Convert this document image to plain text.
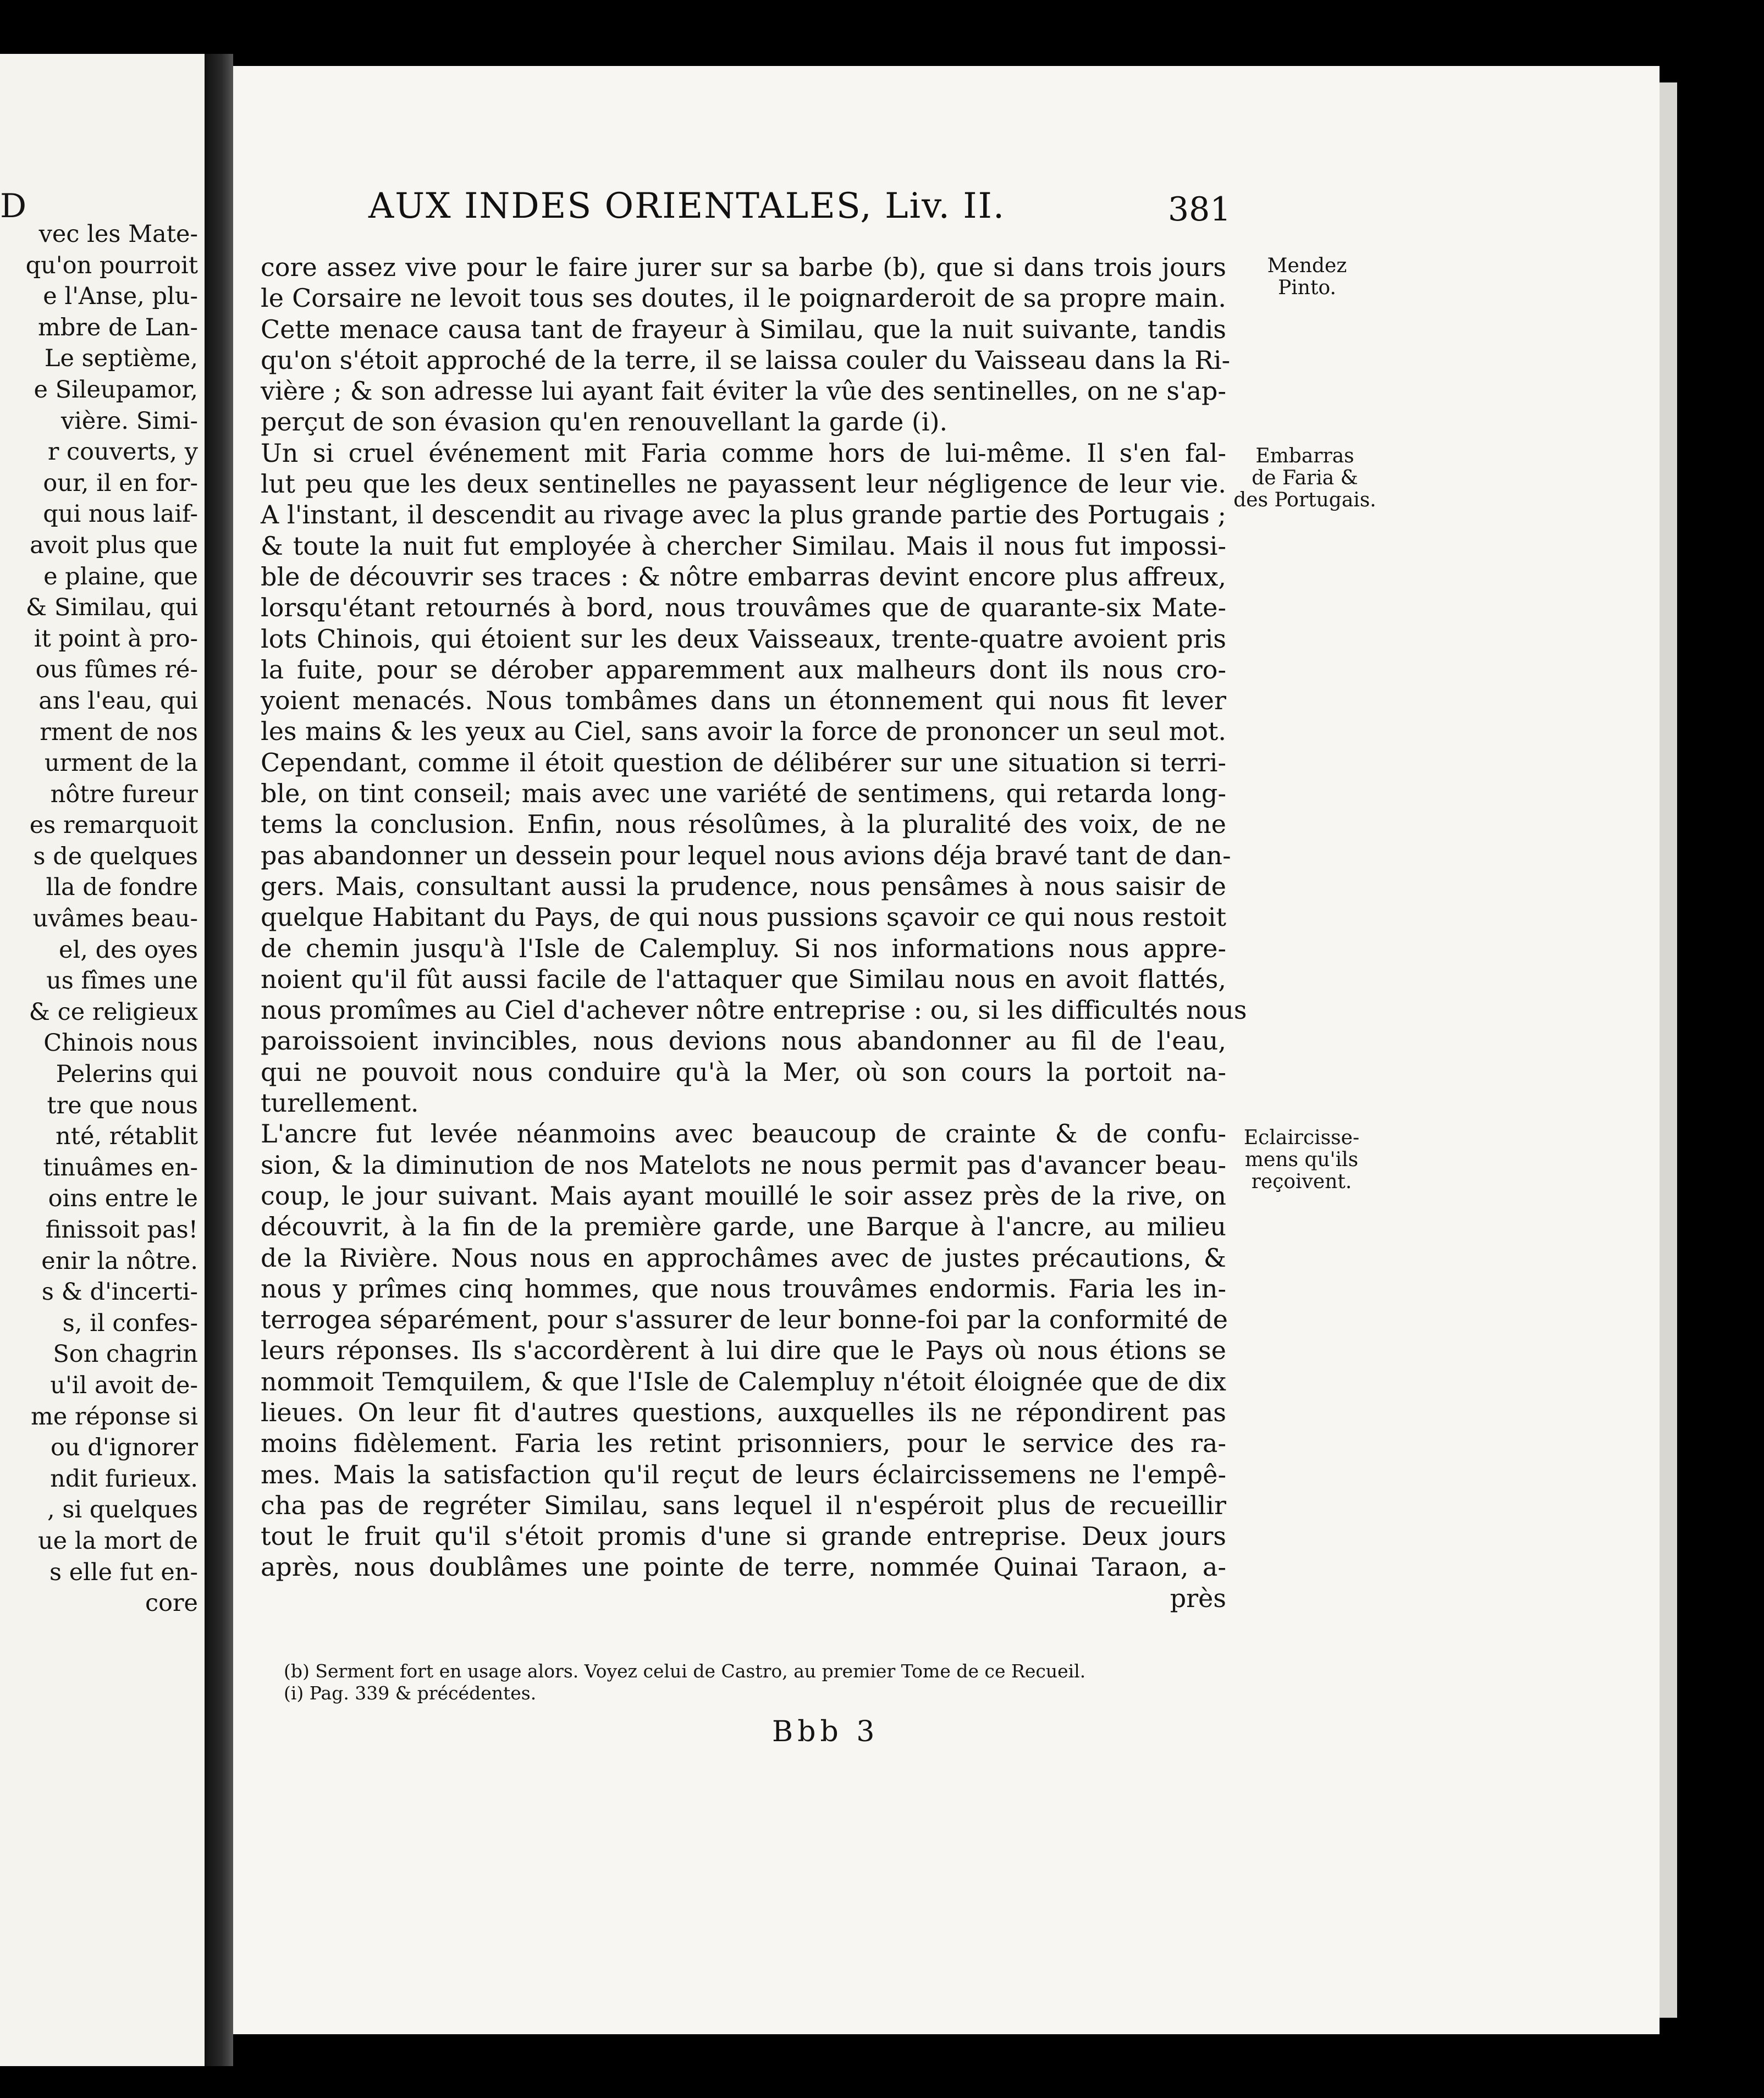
D
vec les Mate-
qu'on pourroit
e l'Anse, plu-
mbre de Lan-
Le septième,
e Sileupamor,
vière. Simi-
r couverts, y
our, il en for-
qui nous laif-
avoit plus que
e plaine, que
& Similau, qui
it point à pro-
ous fûmes ré-
ans l'eau, qui
rment de nos
urment de la
nôtre fureur
es remarquoit
s de quelques
lla de fondre
uvâmes beau-
el, des oyes
us fîmes une
& ce religieux
Chinois nous
Pelerins qui
tre que nous
nté, rétablit
tinuâmes en-
oins entre le
finissoit pas!
enir la nôtre.
s & d'incerti-
s, il confes-
Son chagrin
u'il avoit de-
me réponse si
ou d'ignorer
ndit furieux.
, si quelques
ue la mort de
s elle fut en-
core
AUX INDES ORIENTALES, Liv. II.	381
core assez vive pour le faire jurer sur sa barbe (b), que si dans trois jours
le Corsaire ne levoit tous ses doutes, il le poignarderoit de sa propre main.
Cette menace causa tant de frayeur à Similau, que la nuit suivante, tandis
qu'on s'étoit approché de la terre, il se laissa couler du Vaisseau dans la Ri-
vière ; & son adresse lui ayant fait éviter la vûe des sentinelles, on ne s'ap-
perçut de son évasion qu'en renouvellant la garde (i).
Un si cruel événement mit Faria comme hors de lui-même. Il s'en fal-
lut peu que les deux sentinelles ne payassent leur négligence de leur vie.
A l'instant, il descendit au rivage avec la plus grande partie des Portugais ;
& toute la nuit fut employée à chercher Similau. Mais il nous fut impossi-
ble de découvrir ses traces : & nôtre embarras devint encore plus affreux,
lorsqu'étant retournés à bord, nous trouvâmes que de quarante-six Mate-
lots Chinois, qui étoient sur les deux Vaisseaux, trente-quatre avoient pris
la fuite, pour se dérober apparemment aux malheurs dont ils nous cro-
yoient menacés. Nous tombâmes dans un étonnement qui nous fit lever
les mains & les yeux au Ciel, sans avoir la force de prononcer un seul mot.
Cependant, comme il étoit question de délibérer sur une situation si terri-
ble, on tint conseil; mais avec une variété de sentimens, qui retarda long-
tems la conclusion. Enfin, nous résolûmes, à la pluralité des voix, de ne
pas abandonner un dessein pour lequel nous avions déja bravé tant de dan-
gers. Mais, consultant aussi la prudence, nous pensâmes à nous saisir de
quelque Habitant du Pays, de qui nous pussions sçavoir ce qui nous restoit
de chemin jusqu'à l'Isle de Calempluy. Si nos informations nous appre-
noient qu'il fût aussi facile de l'attaquer que Similau nous en avoit flattés,
nous promîmes au Ciel d'achever nôtre entreprise : ou, si les difficultés nous
paroissoient invincibles, nous devions nous abandonner au fil de l'eau,
qui ne pouvoit nous conduire qu'à la Mer, où son cours la portoit na-
turellement.
L'ancre fut levée néanmoins avec beaucoup de crainte & de confu-
sion, & la diminution de nos Matelots ne nous permit pas d'avancer beau-
coup, le jour suivant. Mais ayant mouillé le soir assez près de la rive, on
découvrit, à la fin de la première garde, une Barque à l'ancre, au milieu
de la Rivière. Nous nous en approchâmes avec de justes précautions, &
nous y prîmes cinq hommes, que nous trouvâmes endormis. Faria les in-
terrogea séparément, pour s'assurer de leur bonne-foi par la conformité de
leurs réponses. Ils s'accordèrent à lui dire que le Pays où nous étions se
nommoit Temquilem, & que l'Isle de Calempluy n'étoit éloignée que de dix
lieues. On leur fit d'autres questions, auxquelles ils ne répondirent pas
moins fidèlement. Faria les retint prisonniers, pour le service des ra-
mes. Mais la satisfaction qu'il reçut de leurs éclaircissemens ne l'empê-
cha pas de regréter Similau, sans lequel il n'espéroit plus de recueillir
tout le fruit qu'il s'étoit promis d'une si grande entreprise. Deux jours
après, nous doublâmes une pointe de terre, nommée Quinai Taraon, a-
près
Mendez
Pinto.
Embarras
de Faria &
des Portugais.
Eclaircisse-
mens qu'ils
reçoivent.
(b) Serment fort en usage alors. Voyez celui de Castro, au premier Tome de ce Recueil.
(i) Pag. 339 & précédentes.
Bbb 3
